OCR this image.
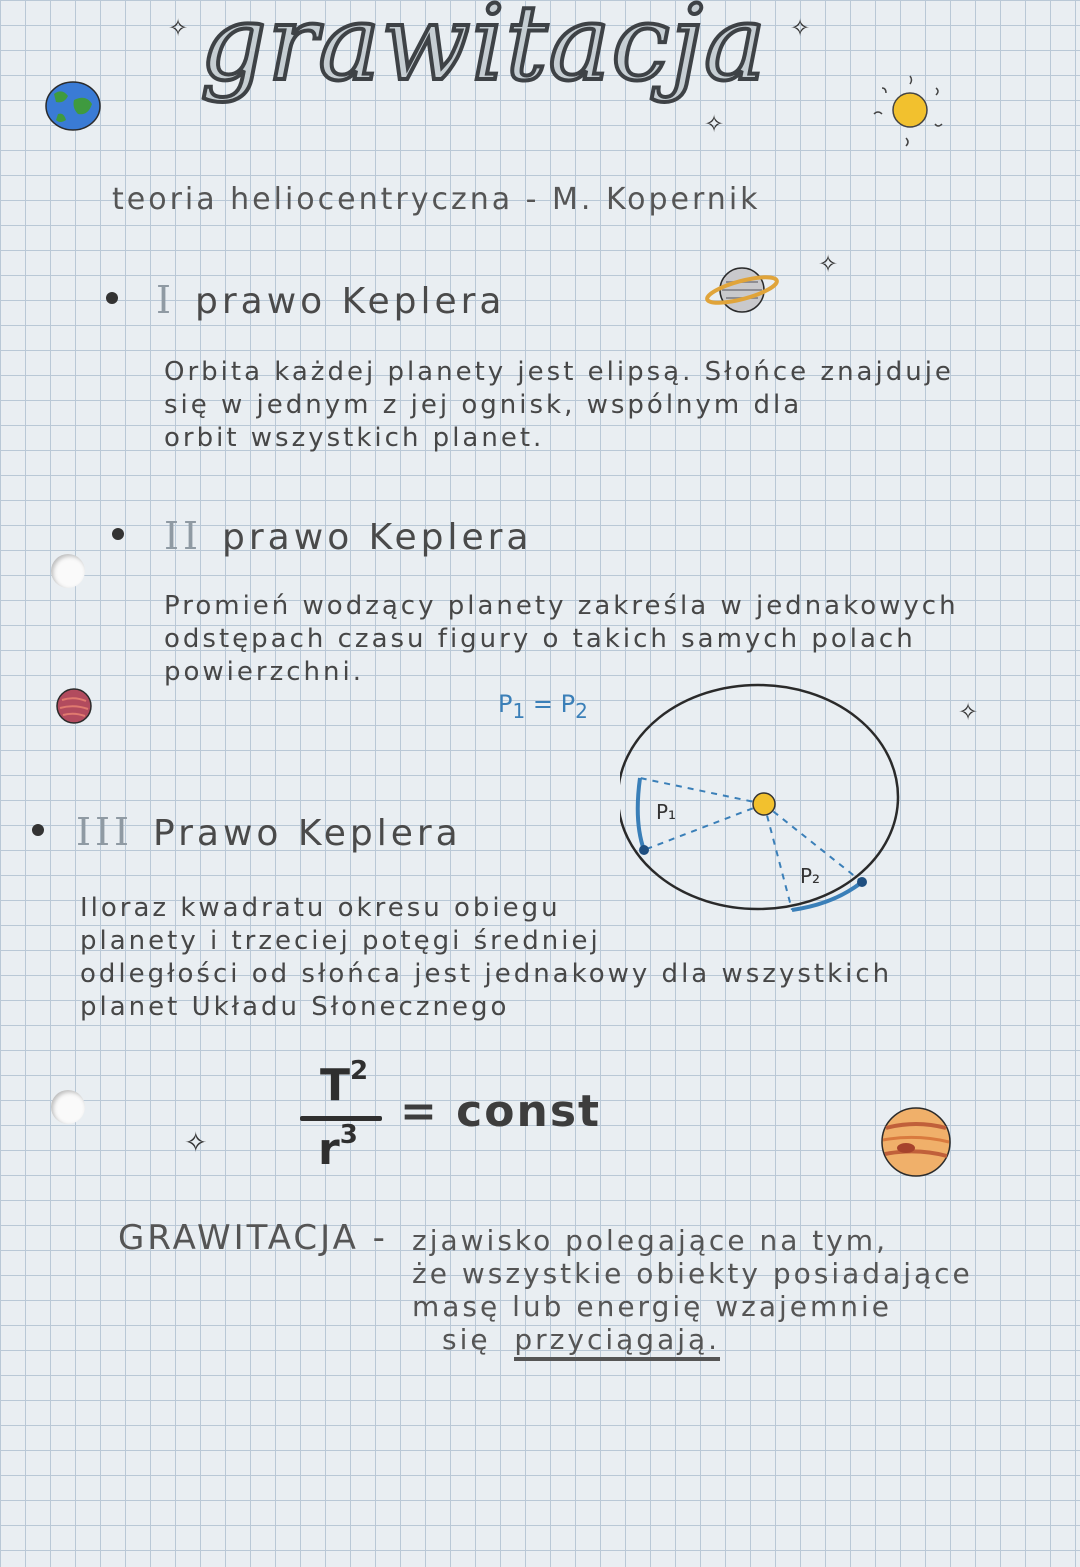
grawitacja
✧	✧
✧
✧
✧
✧
teoria heliocentryczna - M. Kopernik
I prawo Keplera
Orbita każdej planety jest elipsą. Słońce znajduje
się w jednym z jej ognisk, wspólnym dla
orbit wszystkich planet.
II prawo Keplera
Promień wodzący planety zakreśla w jednakowych
odstępach czasu figury o takich samych polach
powierzchni.
$P_1 = P_2$
P₁
P₂
III Prawo Keplera
Iloraz kwadratu okresu obiegu
planety i trzeciej potęgi średniej
odległości od słońca jest jednakowy dla wszystkich
planet Układu Słonecznego
$T^2$
$r^3$ = const
GRAWITACJA - zjawisko polegające na tym,
że wszystkie obiekty posiadające
masę lub energię wzajemnie
się przyciągają.
